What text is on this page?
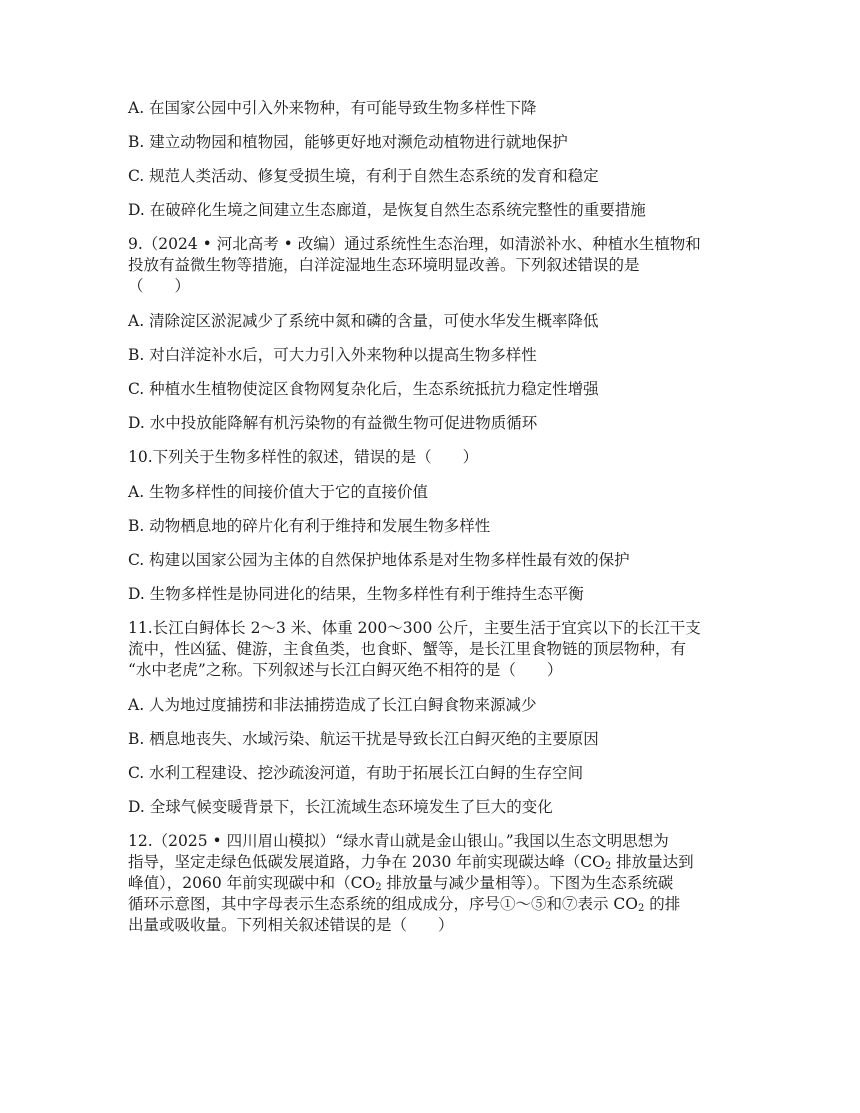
A. 在国家公园中引入外来物种，有可能导致生物多样性下降
B. 建立动物园和植物园，能够更好地对濒危动植物进行就地保护
C. 规范人类活动、修复受损生境，有利于自然生态系统的发育和稳定
D. 在破碎化生境之间建立生态廊道，是恢复自然生态系统完整性的重要措施
9.（2024 • 河北高考 • 改编）通过系统性生态治理，如清淤补水、种植水生植物和
投放有益微生物等措施，白洋淀湿地生态环境明显改善。下列叙述错误的是
（　　）
A. 清除淀区淤泥减少了系统中氮和磷的含量，可使水华发生概率降低
B. 对白洋淀补水后，可大力引入外来物种以提高生物多样性
C. 种植水生植物使淀区食物网复杂化后，生态系统抵抗力稳定性增强
D. 水中投放能降解有机污染物的有益微生物可促进物质循环
10.下列关于生物多样性的叙述，错误的是（　　）
A. 生物多样性的间接价值大于它的直接价值
B. 动物栖息地的碎片化有利于维持和发展生物多样性
C. 构建以国家公园为主体的自然保护地体系是对生物多样性最有效的保护
D. 生物多样性是协同进化的结果，生物多样性有利于维持生态平衡
11.长江白鲟体长 2～3 米、体重 200～300 公斤，主要生活于宜宾以下的长江干支
流中，性凶猛、健游，主食鱼类，也食虾、蟹等，是长江里食物链的顶层物种，有
“水中老虎”之称。下列叙述与长江白鲟灭绝不相符的是（　　）
A. 人为地过度捕捞和非法捕捞造成了长江白鲟食物来源减少
B. 栖息地丧失、水域污染、航运干扰是导致长江白鲟灭绝的主要原因
C. 水利工程建设、挖沙疏浚河道，有助于拓展长江白鲟的生存空间
D. 全球气候变暖背景下，长江流域生态环境发生了巨大的变化
12.（2025 • 四川眉山模拟）“绿水青山就是金山银山。”我国以生态文明思想为
指导，坚定走绿色低碳发展道路，力争在 2030 年前实现碳达峰（$CO_2$ 排放量达到
峰值），2060 年前实现碳中和（$CO_2$ 排放量与减少量相等）。下图为生态系统碳
循环示意图，其中字母表示生态系统的组成成分，序号①～⑤和⑦表示 $CO_2$ 的排
出量或吸收量。下列相关叙述错误的是（　　）
